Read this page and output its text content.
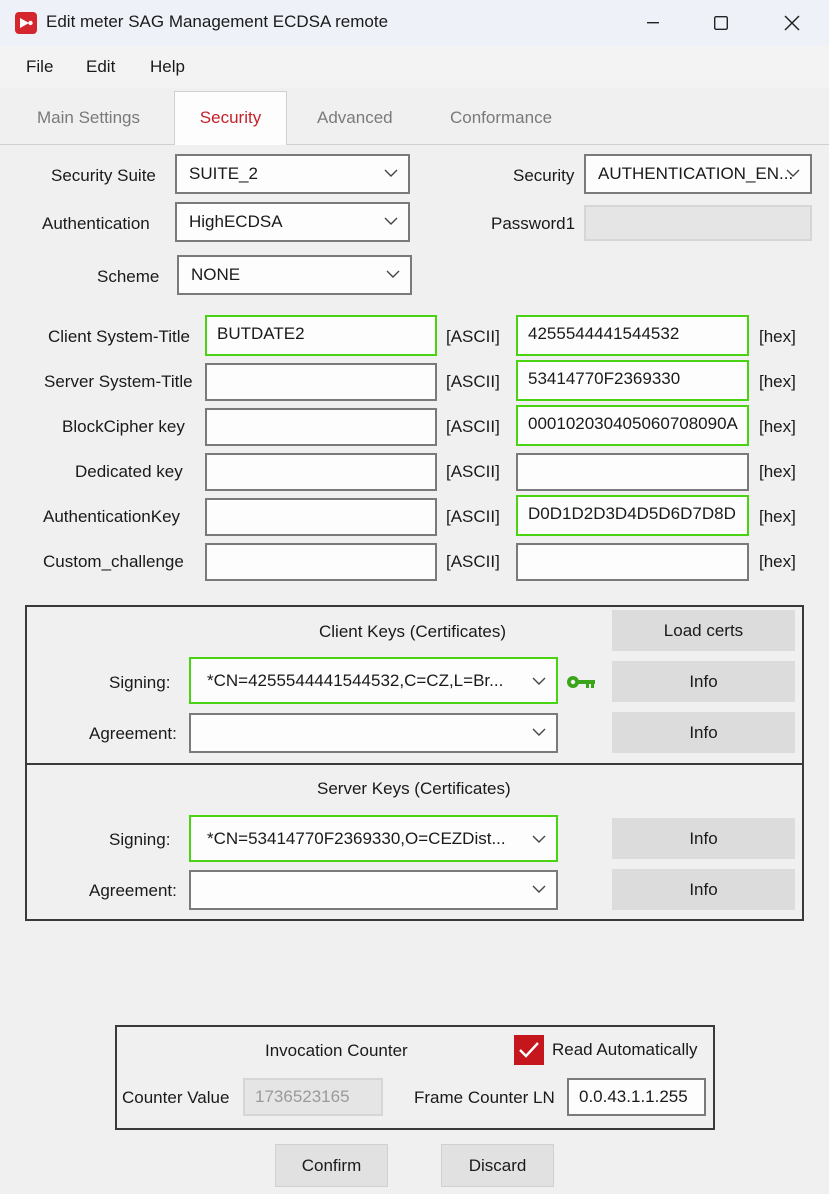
Edit meter SAG Management ECDSA remote
File Edit Help
Main Settings	Security	Advanced	Conformance
Security Suite	SUITE_2	Security	AUTHENTICATION_EN...
Authentication	HighECDSA	Password1
Scheme	NONE
Client System-Title	BUTDATE2	[ASCII]	4255544441544532	[hex]
Server System-Title	[ASCII]	53414770F2369330	[hex]
BlockCipher key	[ASCII]	000102030405060708090A	[hex]
Dedicated key	[ASCII]	[hex]
AuthenticationKey	[ASCII]	D0D1D2D3D4D5D6D7D8D	[hex]
Custom_challenge	[ASCII]	[hex]
Client Keys (Certificates)	Load certs
Signing:	*CN=4255544441544532,C=CZ,L=Br...	Info
Agreement:	Info
Server Keys (Certificates)
Signing:	*CN=53414770F2369330,O=CEZDist...	Info
Agreement:	Info
Invocation Counter	Read Automatically
Counter Value	1736523165	Frame Counter LN	0.0.43.1.1.255
Confirm	Discard
